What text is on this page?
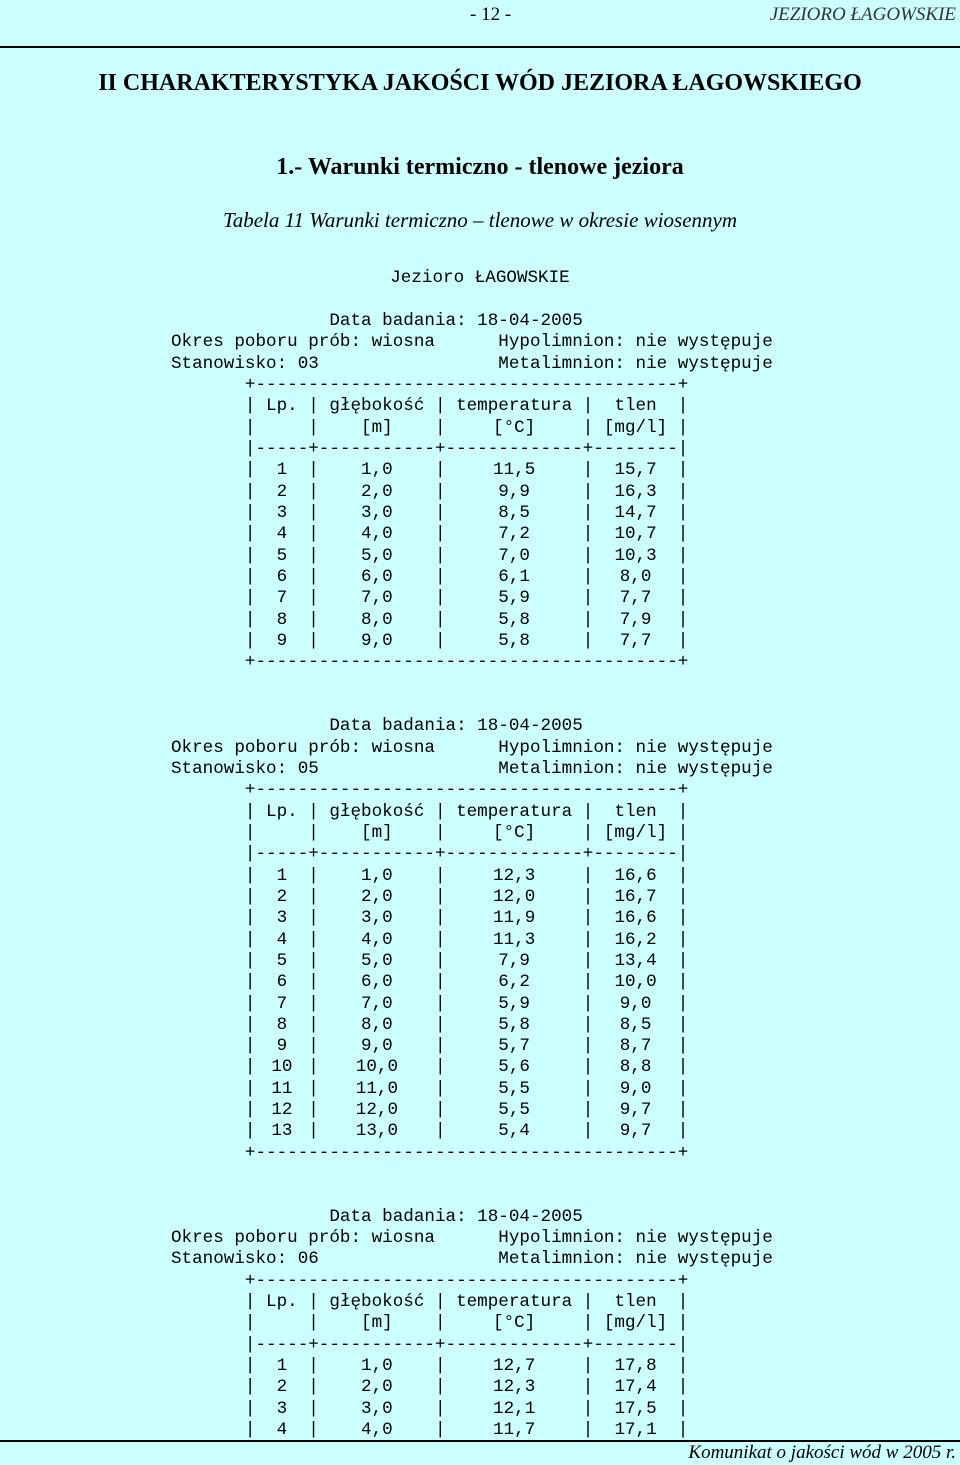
- 12 -	JEZIORO ŁAGOWSKIE
II CHARAKTERYSTYKA JAKOŚCI WÓD JEZIORA ŁAGOWSKIEGO
1.- Warunki termiczno - tlenowe jeziora
Tabela 11 Warunki termiczno – tlenowe w okresie wiosennym
Jezioro ŁAGOWSKIE
Data badania: 18-04-2005
Okres poboru prób: wiosna	Hypolimnion: nie występuje
Stanowisko: 03	Metalimnion: nie występuje
+----------------------------------------+
| Lp. | głębokość | temperatura | tlen |
|	| [m] |	[°C]	| [mg/l] |
|-----+-----------+-------------+--------|
| 1 | 1,0 |	11,5	| 15,7 |
| 2 | 2,0 |	9,9	| 16,3 |
| 3 | 3,0 |	8,5	| 14,7 |
| 4 | 4,0 |	7,2	| 10,7 |
| 5 | 5,0 |	7,0	| 10,3 |
| 6 | 6,0 |	6,1	| 8,0 |
| 7 | 7,0 |	5,9	| 7,7 |
| 8 | 8,0 |	5,8	| 7,9 |
| 9 | 9,0 |	5,8	| 7,7 |
+----------------------------------------+
Data badania: 18-04-2005
Okres poboru prób: wiosna	Hypolimnion: nie występuje
Stanowisko: 05	Metalimnion: nie występuje
+----------------------------------------+
| Lp. | głębokość | temperatura | tlen |
|	| [m] |	[°C]	| [mg/l] |
|-----+-----------+-------------+--------|
| 1 | 1,0 |	12,3	| 16,6 |
| 2 | 2,0 |	12,0	| 16,7 |
| 3 | 3,0 |	11,9	| 16,6 |
| 4 | 4,0 |	11,3	| 16,2 |
| 5 | 5,0 |	7,9	| 13,4 |
| 6 | 6,0 |	6,2	| 10,0 |
| 7 | 7,0 |	5,9	| 9,0 |
| 8 | 8,0 |	5,8	| 8,5 |
| 9 | 9,0 |	5,7	| 8,7 |
| 10 | 10,0 |	5,6	| 8,8 |
| 11 | 11,0 |	5,5	| 9,0 |
| 12 | 12,0 |	5,5	| 9,7 |
| 13 | 13,0 |	5,4	| 9,7 |
+----------------------------------------+
Data badania: 18-04-2005
Okres poboru prób: wiosna	Hypolimnion: nie występuje
Stanowisko: 06	Metalimnion: nie występuje
+----------------------------------------+
| Lp. | głębokość | temperatura | tlen |
|	| [m] |	[°C]	| [mg/l] |
|-----+-----------+-------------+--------|
| 1 | 1,0 |	12,7	| 17,8 |
| 2 | 2,0 |	12,3	| 17,4 |
| 3 | 3,0 |	12,1	| 17,5 |
| 4 | 4,0 |	11,7	| 17,1 |
Komunikat o jakości wód w 2005 r.
